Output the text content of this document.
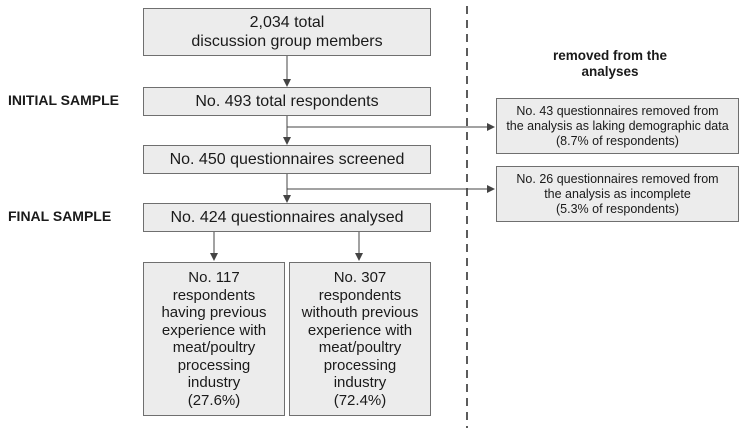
2,034 total
discussion group members
INITIAL SAMPLE	No. 493 total respondents
No. 450 questionnaires screened
FINAL SAMPLE	No. 424 questionnaires analysed
No. 117
respondents
having previous
experience with
meat/poultry
processing
industry
(27.6%)
No. 307
respondents
withouth previous
experience with
meat/poultry
processing
industry
(72.4%)
removed from the
analyses
No. 43 questionnaires removed from
the analysis as laking demographic data
(8.7% of respondents)
No. 26 questionnaires removed from
the analysis as incomplete
(5.3% of respondents)
